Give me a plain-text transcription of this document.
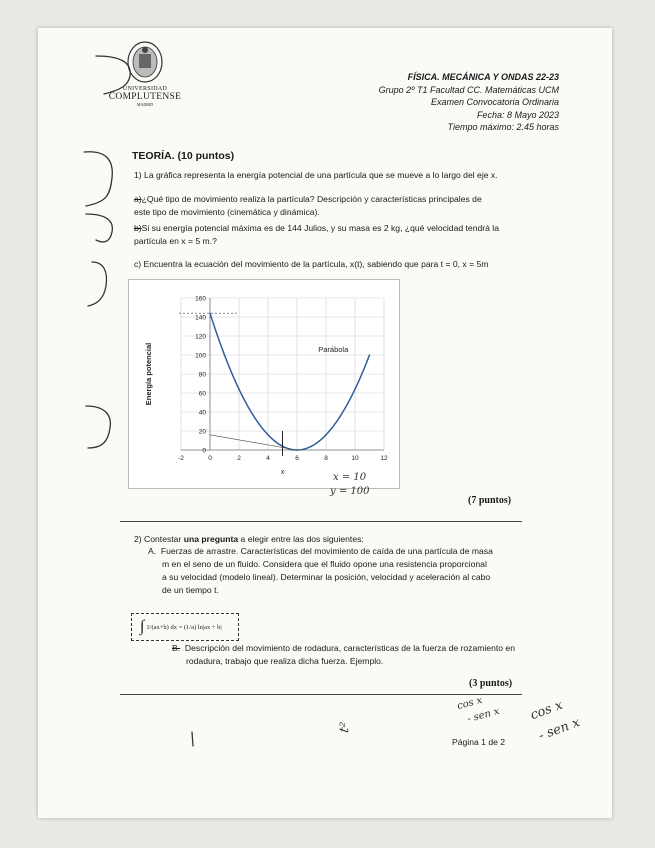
UNIVERSIDAD
COMPLUTENSE
MADRID
FÍSICA. MECÁNICA Y ONDAS 22-23
Grupo 2º T1 Facultad CC. Matemáticas UCM
Examen Convocatoria Ordinaria
Fecha: 8 Mayo 2023
Tiempo máximo: 2.45 horas
TEORÍA. (10 puntos)
1) La gráfica representa la energía potencial de una partícula que se mueve a lo largo del eje x.
a)¿Qué tipo de movimiento realiza la partícula? Descripción y características principales de
este tipo de movimiento (cinemática y dinámica).
b)Si su energía potencial máxima es de 144 Julios, y su masa es 2 kg, ¿qué velocidad tendrá la
partícula en x = 5 m.?
c) Encuentra la ecuación del movimiento de la partícula, x(t), sabiendo que para t = 0, x = 5m
-2	0	2	4	6	8	10	12
0
20
40
60
80
100
120
140
160
x
Energía potencial	Parábola
(7 puntos)
2) Contestar una pregunta a elegir entre las dos siguientes:
A. Fuerzas de arrastre. Características del movimiento de caída de una partícula de masa
m en el seno de un fluido. Considera que el fluido opone una resistencia proporcional
a su velocidad (modelo lineal). Determinar la posición, velocidad y aceleración al cabo
de un tiempo t.
∫ 1/(ax+b) dx =
(1/a) ln|ax + b|
B. Descripción del movimiento de rodadura, características de la fuerza de rozamiento en
rodadura, trabajo que realiza dicha fuerza. Ejemplo.
(3 puntos)
Página 1 de 2
x = 10
y = 100
cos x
- sen x cos x
- sen x
t²
